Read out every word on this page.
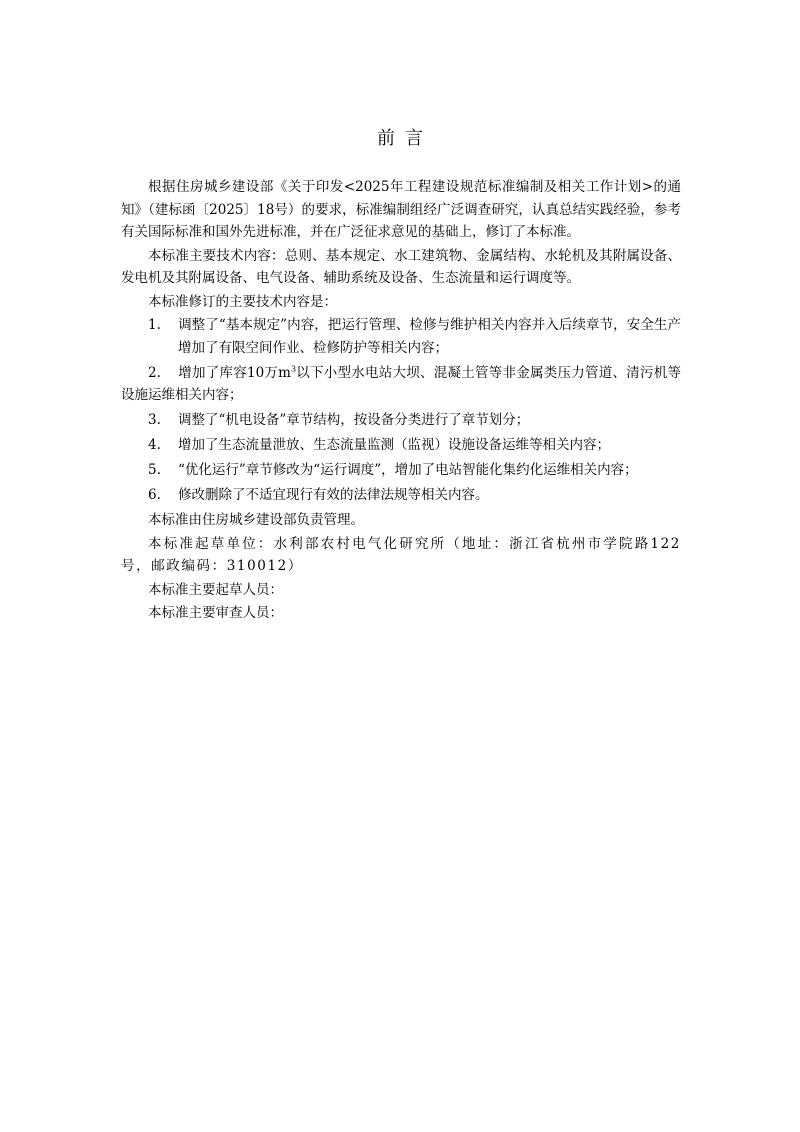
前言

根据住房城乡建设部《关于印发<2025年工程建设规范标准编制及相关工作计划>的通知》（建标函〔2025〕18号）的要求，标准编制组经广泛调查研究，认真总结实践经验，参考有关国际标准和国外先进标准，并在广泛征求意见的基础上，修订了本标准。

本标准主要技术内容：总则、基本规定、水工建筑物、金属结构、水轮机及其附属设备、发电机及其附属设备、电气设备、辅助系统及设备、生态流量和运行调度等。

本标准修订的主要技术内容是：

1. 调整了“基本规定”内容，把运行管理、检修与维护相关内容并入后续章节，安全生产增加了有限空间作业、检修防护等相关内容；
2. 增加了库容10万$m^3$以下小型水电站大坝、混凝土管等非金属类压力管道、清污机等设施运维相关内容；
3. 调整了“机电设备”章节结构，按设备分类进行了章节划分；
4. 增加了生态流量泄放、生态流量监测（监视）设施设备运维等相关内容；
5. “优化运行”章节修改为“运行调度”，增加了电站智能化集约化运维相关内容；
6. 修改删除了不适宜现行有效的法律法规等相关内容。

本标准由住房城乡建设部负责管理。

本标准起草单位：水利部农村电气化研究所（地址：浙江省杭州市学院路122号，邮政编码：310012）

本标准主要起草人员：

本标准主要审查人员：
